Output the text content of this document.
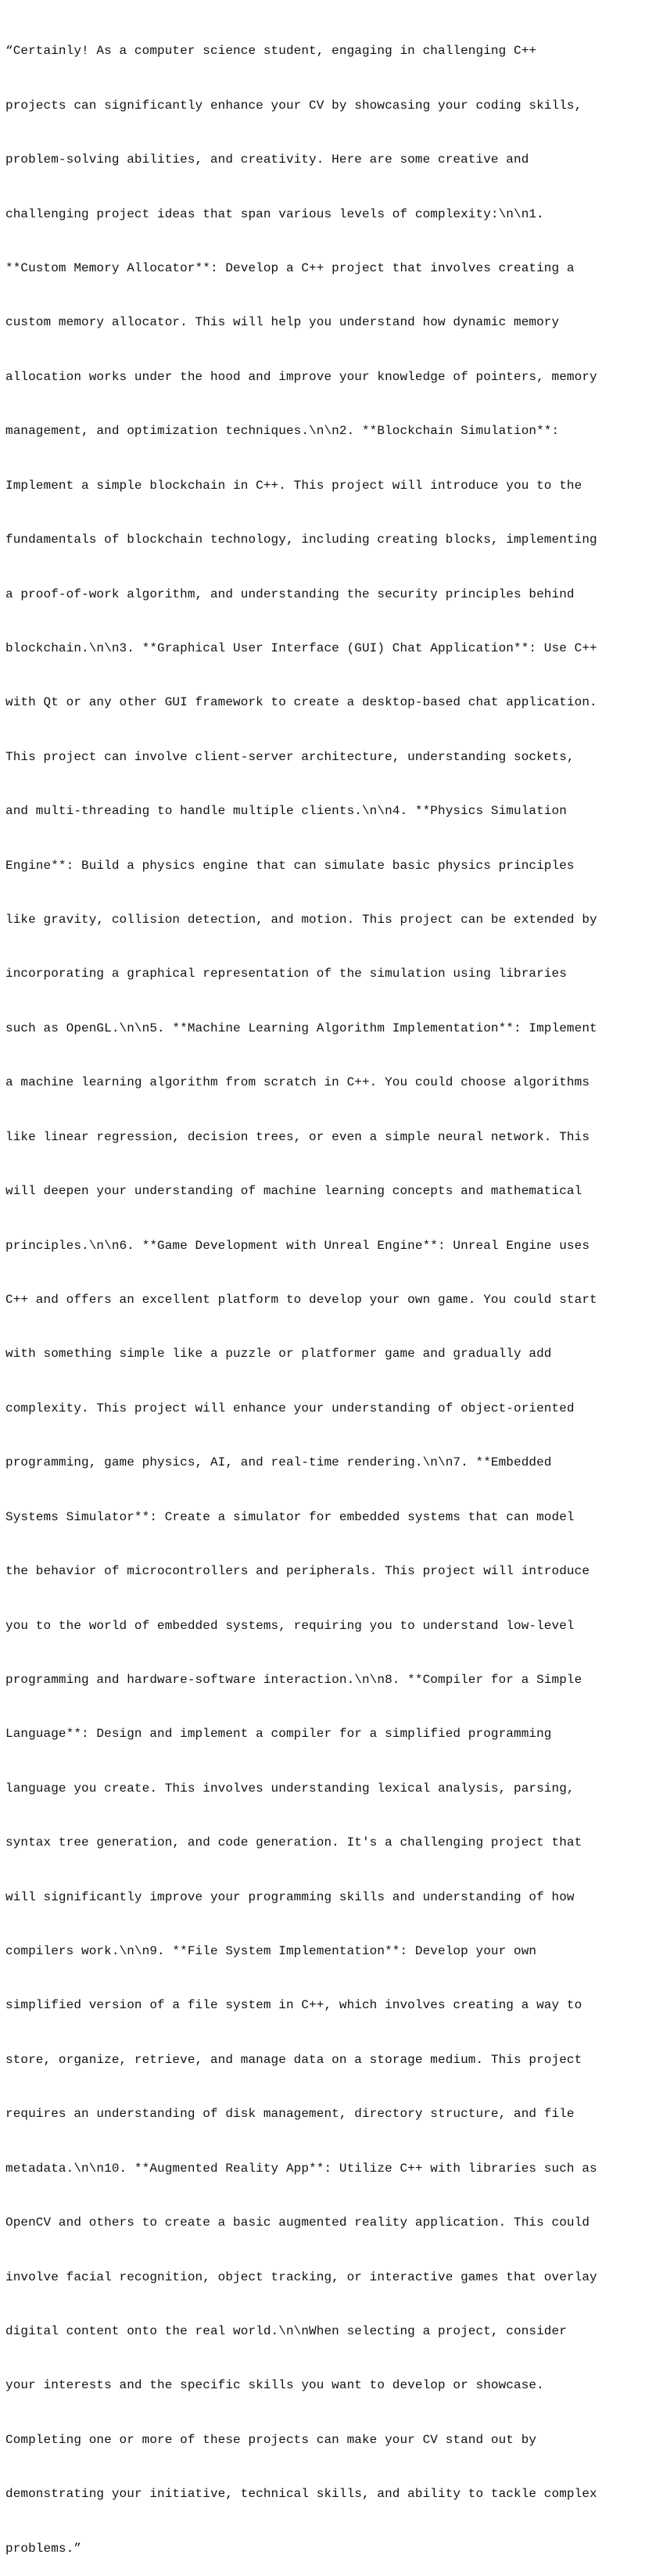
“Certainly! As a computer science student, engaging in challenging C++

projects can significantly enhance your CV by showcasing your coding skills,

problem-solving abilities, and creativity. Here are some creative and

challenging project ideas that span various levels of complexity:\n\n1.

**Custom Memory Allocator**: Develop a C++ project that involves creating a

custom memory allocator. This will help you understand how dynamic memory

allocation works under the hood and improve your knowledge of pointers, memory

management, and optimization techniques.\n\n2. **Blockchain Simulation**:

Implement a simple blockchain in C++. This project will introduce you to the

fundamentals of blockchain technology, including creating blocks, implementing

a proof-of-work algorithm, and understanding the security principles behind

blockchain.\n\n3. **Graphical User Interface (GUI) Chat Application**: Use C++

with Qt or any other GUI framework to create a desktop-based chat application.

This project can involve client-server architecture, understanding sockets,

and multi-threading to handle multiple clients.\n\n4. **Physics Simulation

Engine**: Build a physics engine that can simulate basic physics principles

like gravity, collision detection, and motion. This project can be extended by

incorporating a graphical representation of the simulation using libraries

such as OpenGL.\n\n5. **Machine Learning Algorithm Implementation**: Implement

a machine learning algorithm from scratch in C++. You could choose algorithms

like linear regression, decision trees, or even a simple neural network. This

will deepen your understanding of machine learning concepts and mathematical

principles.\n\n6. **Game Development with Unreal Engine**: Unreal Engine uses

C++ and offers an excellent platform to develop your own game. You could start

with something simple like a puzzle or platformer game and gradually add

complexity. This project will enhance your understanding of object-oriented

programming, game physics, AI, and real-time rendering.\n\n7. **Embedded

Systems Simulator**: Create a simulator for embedded systems that can model

the behavior of microcontrollers and peripherals. This project will introduce

you to the world of embedded systems, requiring you to understand low-level

programming and hardware-software interaction.\n\n8. **Compiler for a Simple

Language**: Design and implement a compiler for a simplified programming

language you create. This involves understanding lexical analysis, parsing,

syntax tree generation, and code generation. It's a challenging project that

will significantly improve your programming skills and understanding of how

compilers work.\n\n9. **File System Implementation**: Develop your own

simplified version of a file system in C++, which involves creating a way to

store, organize, retrieve, and manage data on a storage medium. This project

requires an understanding of disk management, directory structure, and file

metadata.\n\n10. **Augmented Reality App**: Utilize C++ with libraries such as

OpenCV and others to create a basic augmented reality application. This could

involve facial recognition, object tracking, or interactive games that overlay

digital content onto the real world.\n\nWhen selecting a project, consider

your interests and the specific skills you want to develop or showcase.

Completing one or more of these projects can make your CV stand out by

demonstrating your initiative, technical skills, and ability to tackle complex

problems.”
